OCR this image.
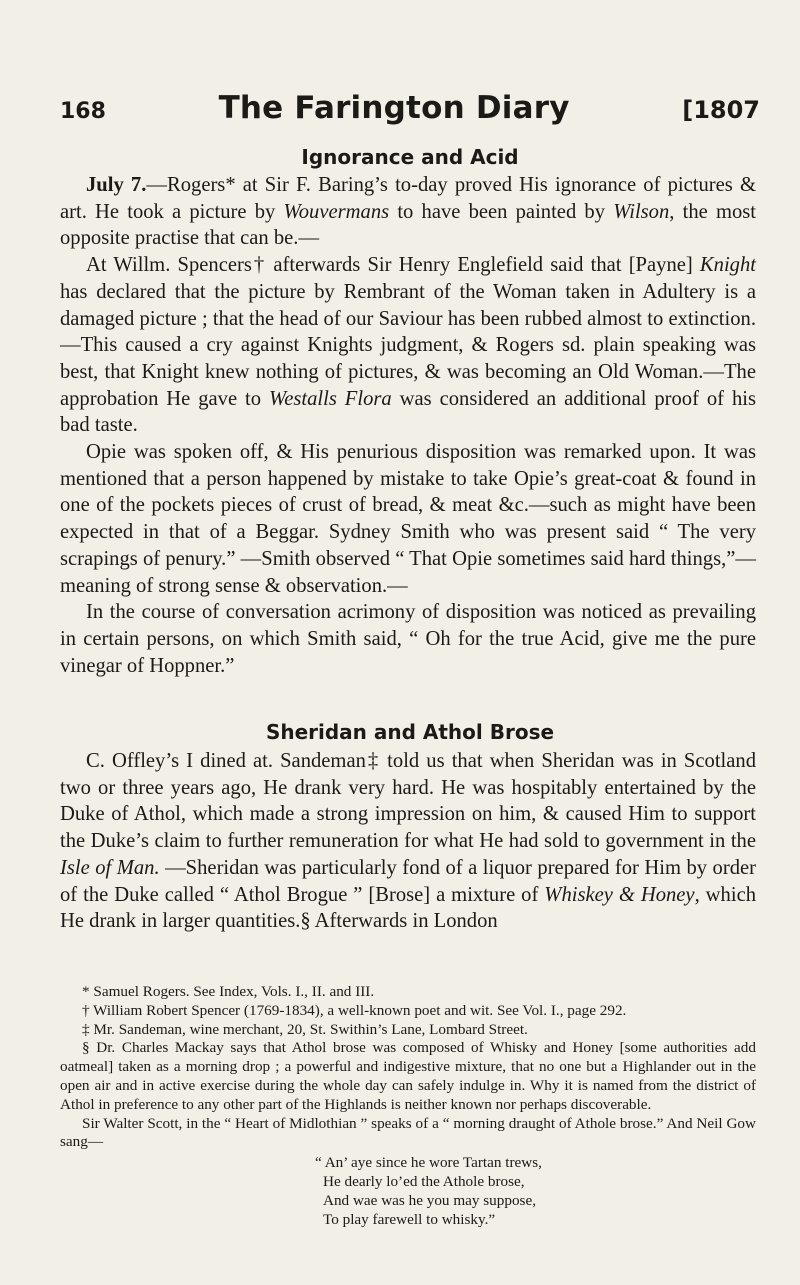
168	The Farington Diary	[1807
Ignorance and Acid

July 7.—Rogers* at Sir F. Baring’s to-day proved His ignorance of pictures & art. He took a picture by Wouvermans to have been painted by Wilson, the most opposite practise that can be.—

At Willm. Spencers† afterwards Sir Henry Englefield said that [Payne] Knight has declared that the picture by Rembrant of the Woman taken in Adultery is a damaged picture ; that the head of our Saviour has been rubbed almost to extinction.—This caused a cry against Knights judgment, & Rogers sd. plain speaking was best, that Knight knew nothing of pictures, & was becoming an Old Woman.—The approbation He gave to Westalls Flora was considered an additional proof of his bad taste.

Opie was spoken off, & His penurious disposition was remarked upon. It was mentioned that a person happened by mistake to take Opie’s great-coat & found in one of the pockets pieces of crust of bread, & meat &c.—such as might have been expected in that of a Beggar. Sydney Smith who was present said “ The very scrapings of penury.” —Smith observed “ That Opie sometimes said hard things,”—meaning of strong sense & observation.—

In the course of conversation acrimony of disposition was noticed as prevailing in certain persons, on which Smith said, “ Oh for the true Acid, give me the pure vinegar of Hoppner.”

Sheridan and Athol Brose

C. Offley’s I dined at. Sandeman‡ told us that when Sheridan was in Scotland two or three years ago, He drank very hard. He was hospitably entertained by the Duke of Athol, which made a strong impression on him, & caused Him to support the Duke’s claim to further remuneration for what He had sold to government in the Isle of Man. —Sheridan was particularly fond of a liquor prepared for Him by order of the Duke called “ Athol Brogue ” [Brose] a mixture of Whiskey & Honey, which He drank in larger quantities.§ Afterwards in London

* Samuel Rogers. See Index, Vols. I., II. and III.

† William Robert Spencer (1769-1834), a well-known poet and wit. See Vol. I., page 292.

‡ Mr. Sandeman, wine merchant, 20, St. Swithin’s Lane, Lombard Street.

§ Dr. Charles Mackay says that Athol brose was composed of Whisky and Honey [some authorities add oatmeal] taken as a morning drop ; a powerful and indigestive mixture, that no one but a Highlander out in the open air and in active exercise during the whole day can safely indulge in. Why it is named from the district of Athol in preference to any other part of the Highlands is neither known nor perhaps discoverable.

Sir Walter Scott, in the “ Heart of Midlothian ” speaks of a “ morning draught of Athole brose.” And Neil Gow sang—

“ An’ aye since he wore Tartan trews,
He dearly lo’ed the Athole brose,
And wae was he you may suppose,
To play farewell to whisky.”
